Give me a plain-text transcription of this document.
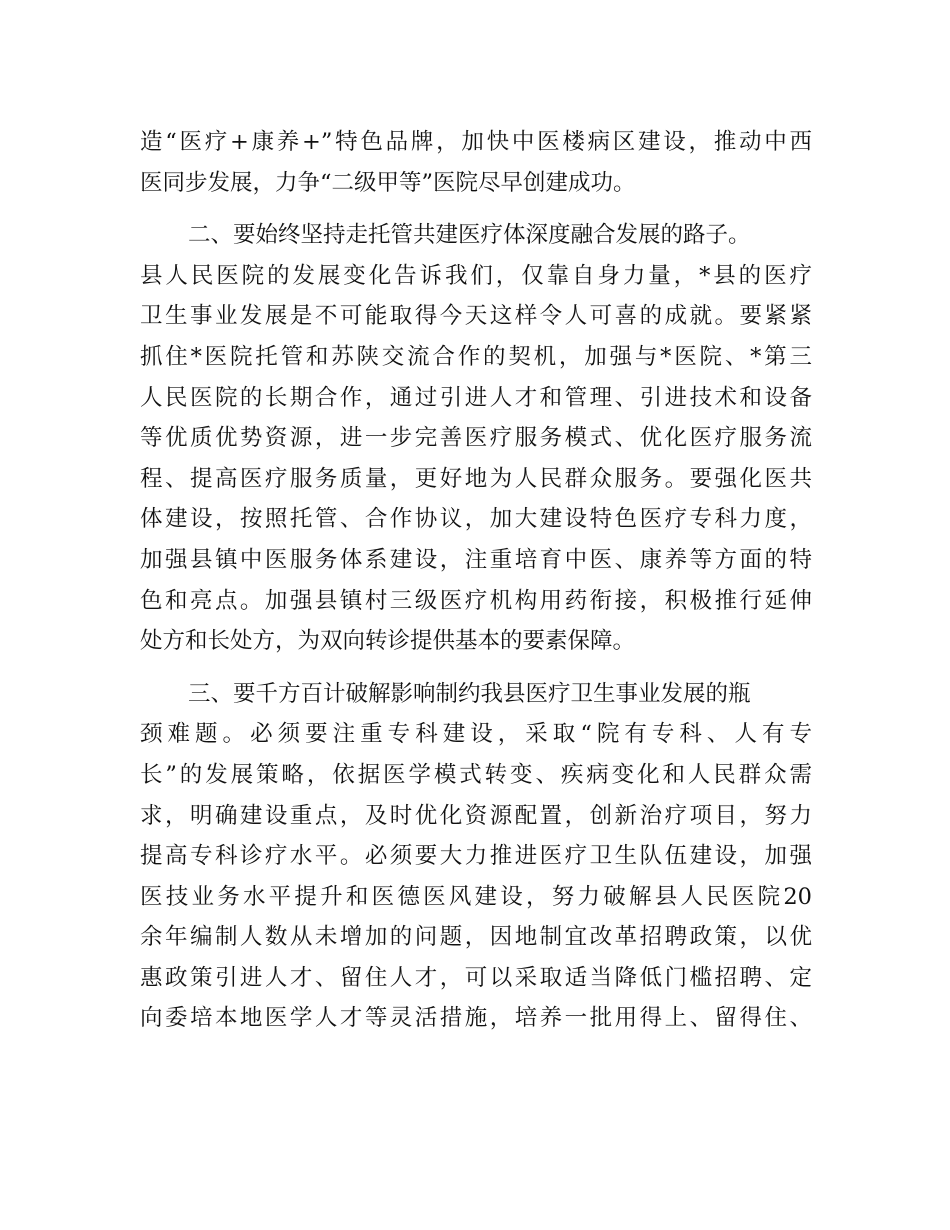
造“医疗+康养+”特色品牌，加快中医楼病区建设，推动中西
医同步发展，力争“二级甲等”医院尽早创建成功。
二、要始终坚持走托管共建医疗体深度融合发展的路子。
县人民医院的发展变化告诉我们，仅靠自身力量，*县的医疗
卫生事业发展是不可能取得今天这样令人可喜的成就。要紧紧
抓住*医院托管和苏陕交流合作的契机，加强与*医院、*第三
人民医院的长期合作，通过引进人才和管理、引进技术和设备
等优质优势资源，进一步完善医疗服务模式、优化医疗服务流
程、提高医疗服务质量，更好地为人民群众服务。要强化医共
体建设，按照托管、合作协议，加大建设特色医疗专科力度，
加强县镇中医服务体系建设，注重培育中医、康养等方面的特
色和亮点。加强县镇村三级医疗机构用药衔接，积极推行延伸
处方和长处方，为双向转诊提供基本的要素保障。
三、要千方百计破解影响制约我县医疗卫生事业发展的瓶
颈难题。必须要注重专科建设，采取“院有专科、人有专
长”的发展策略，依据医学模式转变、疾病变化和人民群众需
求，明确建设重点，及时优化资源配置，创新治疗项目，努力
提高专科诊疗水平。必须要大力推进医疗卫生队伍建设，加强
医技业务水平提升和医德医风建设，努力破解县人民医院20
余年编制人数从未增加的问题，因地制宜改革招聘政策，以优
惠政策引进人才、留住人才，可以采取适当降低门槛招聘、定
向委培本地医学人才等灵活措施，培养一批用得上、留得住、
